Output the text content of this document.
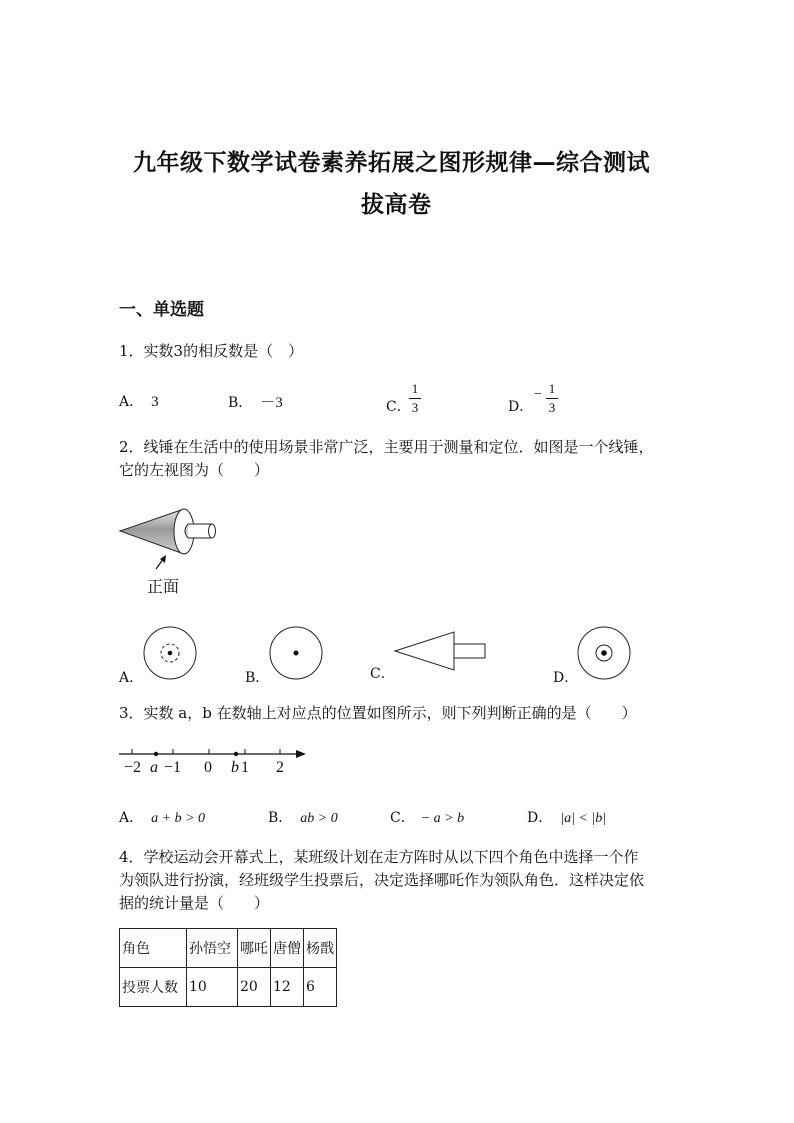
九年级下数学试卷素养拓展之图形规律—综合测试
拔高卷
一、单选题
1．实数3的相反数是（　）
A． 3	B． －3	C．
1
3	D．
− 1
3
2．线锤在生活中的使用场景非常广泛，主要用于测量和定位．如图是一个线锤，
它的左视图为（　　）
正面
A．	B．	C．	D．
3．实数 a，b 在数轴上对应点的位置如图所示，则下列判断正确的是（　　）
−2 a −1 0 b 1 2
A． a + b > 0	B． ab > 0	C． − a > b	D． |a| < |b|
4．学校运动会开幕式上，某班级计划在走方阵时从以下四个角色中选择一个作
为领队进行扮演，经班级学生投票后，决定选择哪吒作为领队角色．这样决定依
据的统计量是（　　）
角色	孙悟空	哪吒	唐僧	杨戬
投票人数	10	20	12	6
